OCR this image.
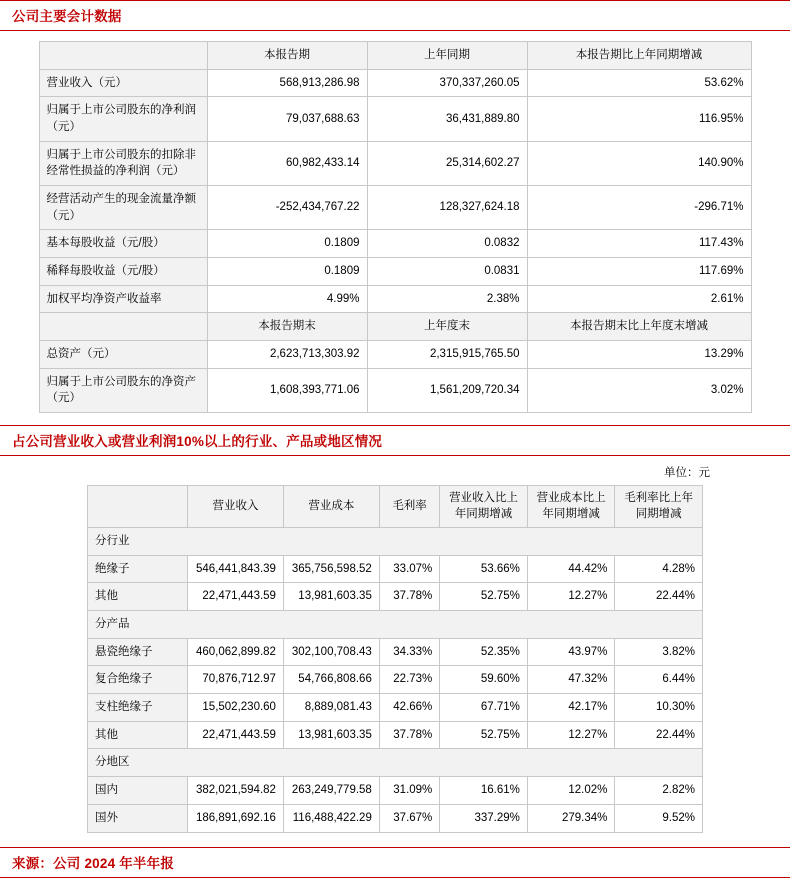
公司主要会计数据
	本报告期	上年同期	本报告期比上年同期增减
营业收入（元）	568,913,286.98	370,337,260.05	53.62%
归属于上市公司股东的净利润（元）	79,037,688.63	36,431,889.80	116.95%
归属于上市公司股东的扣除非经常性损益的净利润（元）	60,982,433.14	25,314,602.27	140.90%
经营活动产生的现金流量净额（元）	-252,434,767.22	128,327,624.18	-296.71%
基本每股收益（元/股）	0.1809	0.0832	117.43%
稀释每股收益（元/股）	0.1809	0.0831	117.69%
加权平均净资产收益率	4.99%	2.38%	2.61%
	本报告期末	上年度末	本报告期末比上年度末增减
总资产（元）	2,623,713,303.92	2,315,915,765.50	13.29%
归属于上市公司股东的净资产（元）	1,608,393,771.06	1,561,209,720.34	3.02%
占公司营业收入或营业利润10%以上的行业、产品或地区情况
单位：元
	营业收入	营业成本	毛利率	营业收入比上年同期增减	营业成本比上年同期增减	毛利率比上年同期增减
分行业						
绝缘子	546,441,843.39	365,756,598.52	33.07%	53.66%	44.42%	4.28%
其他	22,471,443.59	13,981,603.35	37.78%	52.75%	12.27%	22.44%
分产品						
悬瓷绝缘子	460,062,899.82	302,100,708.43	34.33%	52.35%	43.97%	3.82%
复合绝缘子	70,876,712.97	54,766,808.66	22.73%	59.60%	47.32%	6.44%
支柱绝缘子	15,502,230.60	8,889,081.43	42.66%	67.71%	42.17%	10.30%
其他	22,471,443.59	13,981,603.35	37.78%	52.75%	12.27%	22.44%
分地区						
国内	382,021,594.82	263,249,779.58	31.09%	16.61%	12.02%	2.82%
国外	186,891,692.16	116,488,422.29	37.67%	337.29%	279.34%	9.52%
来源：公司 2024 年半年报
